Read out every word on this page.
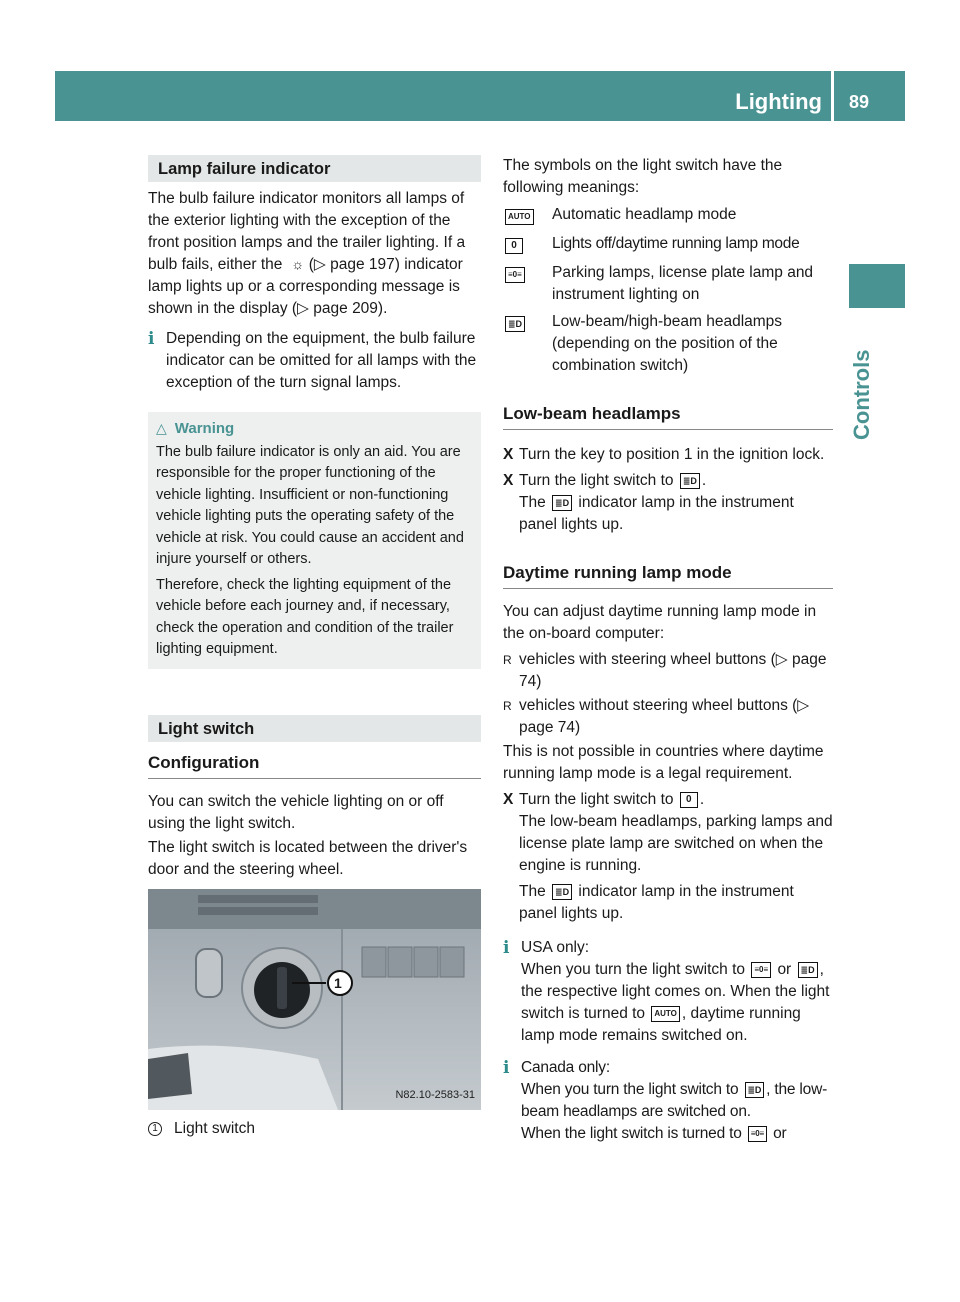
Lighting 89
Controls
Lamp failure indicator

The bulb failure indicator monitors all lamps of the exterior lighting with the exception of the front position lamps and the trailer lighting. If a bulb fails, either the ☼ (▷ page 197) indicator lamp lights up or a corresponding message is shown in the display (▷ page 209).

i Depending on the equipment, the bulb failure indicator can be omitted for all lamps with the exception of the turn signal lamps.
△ Warning

The bulb failure indicator is only an aid. You are responsible for the proper functioning of the vehicle lighting. Insufficient or non-functioning vehicle lighting puts the operating safety of the vehicle at risk. You could cause an accident and injure yourself or others.

Therefore, check the lighting equipment of the vehicle before each journey and, if necessary, check the operation and condition of the trailer lighting equipment.

Light switch
Configuration

You can switch the vehicle lighting on or off using the light switch.

The light switch is located between the driver's door and the steering wheel.

1
N82.10-2583-31
1 Light switch

The symbols on the light switch have the following meanings:

AUTO	Automatic headlamp mode
0	Lights off/daytime running lamp mode
≡0≡	Parking lamps, license plate lamp and instrument lighting on
≣D	Low-beam/high-beam headlamps (depending on the position of the combination switch)
Low-beam headlamps
X Turn the key to position 1 in the ignition lock.
X Turn the light switch to ≣D .
The ≣D indicator lamp in the instrument panel lights up.
Daytime running lamp mode

You can adjust daytime running lamp mode in the on-board computer:

R vehicles with steering wheel buttons (▷ page 74)
R vehicles without steering wheel buttons (▷ page 74)

This is not possible in countries where daytime running lamp mode is a legal requirement.

X Turn the light switch to 0 .
The low-beam headlamps, parking lamps and license plate lamp are switched on when the engine is running.
The ≣D indicator lamp in the instrument panel lights up.
i USA only:
When you turn the light switch to ≡0≡ or ≣D , the respective light comes on. When the light switch is turned to AUTO , daytime running lamp mode remains switched on.
i Canada only:
When you turn the light switch to ≣D , the low-beam headlamps are switched on.
When the light switch is turned to ≡0≡ or
